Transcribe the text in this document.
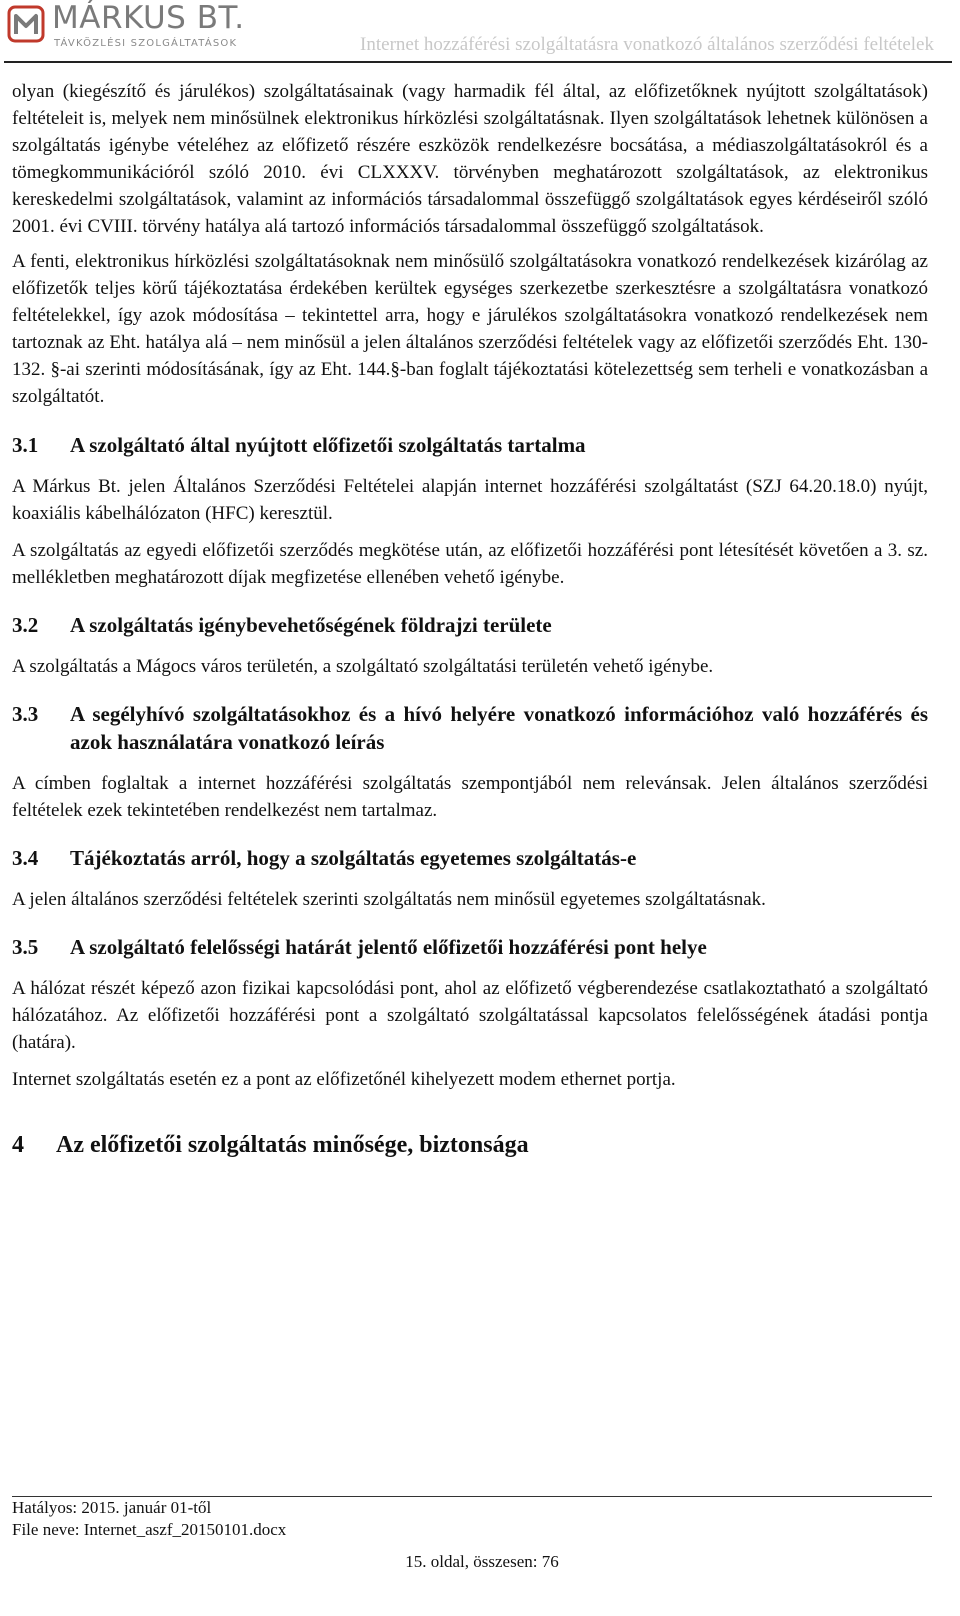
MÁRKUS BT.
TÁVKÖZLÉSI SZOLGÁLTATÁSOK	Internet hozzáférési szolgáltatásra vonatkozó általános szerződési feltételek

olyan (kiegészítő és járulékos) szolgáltatásainak (vagy harmadik fél által, az előfizetőknek nyújtott szolgáltatások) feltételeit is, melyek nem minősülnek elektronikus hírközlési szolgáltatásnak. Ilyen szolgáltatások lehetnek különösen a szolgáltatás igénybe vételéhez az előfizető részére eszközök rendelkezésre bocsátása, a médiaszolgáltatásokról és a tömegkommunikációról szóló 2010. évi CLXXXV. törvényben meghatározott szolgáltatások, az elektronikus kereskedelmi szolgáltatások, valamint az információs társadalommal összefüggő szolgáltatások egyes kérdéseiről szóló 2001. évi CVIII. törvény hatálya alá tartozó információs társadalommal összefüggő szolgáltatások.

A fenti, elektronikus hírközlési szolgáltatásoknak nem minősülő szolgáltatásokra vonatkozó rendelkezések kizárólag az előfizetők teljes körű tájékoztatása érdekében kerültek egységes szerkezetbe szerkesztésre a szolgáltatásra vonatkozó feltételekkel, így azok módosítása – tekintettel arra, hogy e járulékos szolgáltatásokra vonatkozó rendelkezések nem tartoznak az Eht. hatálya alá – nem minősül a jelen általános szerződési feltételek vagy az előfizetői szerződés Eht. 130-132. §-ai szerinti módosításának, így az Eht. 144.§-ban foglalt tájékoztatási kötelezettség sem terheli e vonatkozásban a szolgáltatót.

3.1	A szolgáltató által nyújtott előfizetői szolgáltatás tartalma

A Márkus Bt. jelen Általános Szerződési Feltételei alapján internet hozzáférési szolgáltatást (SZJ 64.20.18.0) nyújt, koaxiális kábelhálózaton (HFC) keresztül.

A szolgáltatás az egyedi előfizetői szerződés megkötése után, az előfizetői hozzáférési pont létesítését követően a 3. sz. mellékletben meghatározott díjak megfizetése ellenében vehető igénybe.

3.2	A szolgáltatás igénybevehetőségének földrajzi területe

A szolgáltatás a Mágocs város területén, a szolgáltató szolgáltatási területén vehető igénybe.

3.3	A segélyhívó szolgáltatásokhoz és a hívó helyére vonatkozó információhoz való hozzáférés és azok használatára vonatkozó leírás

A címben foglaltak a internet hozzáférési szolgáltatás szempontjából nem relevánsak. Jelen általános szerződési feltételek ezek tekintetében rendelkezést nem tartalmaz.

3.4	Tájékoztatás arról, hogy a szolgáltatás egyetemes szolgáltatás-e

A jelen általános szerződési feltételek szerinti szolgáltatás nem minősül egyetemes szolgáltatásnak.

3.5	A szolgáltató felelősségi határát jelentő előfizetői hozzáférési pont helye

A hálózat részét képező azon fizikai kapcsolódási pont, ahol az előfizető végberendezése csatlakoztatható a szolgáltató hálózatához. Az előfizetői hozzáférési pont a szolgáltató szolgáltatással kapcsolatos felelősségének átadási pontja (határa).

Internet szolgáltatás esetén ez a pont az előfizetőnél kihelyezett modem ethernet portja.

4	Az előfizetői szolgáltatás minősége, biztonsága
Hatályos: 2015. január 01-től
File neve: Internet_aszf_20150101.docx
15. oldal, összesen: 76
